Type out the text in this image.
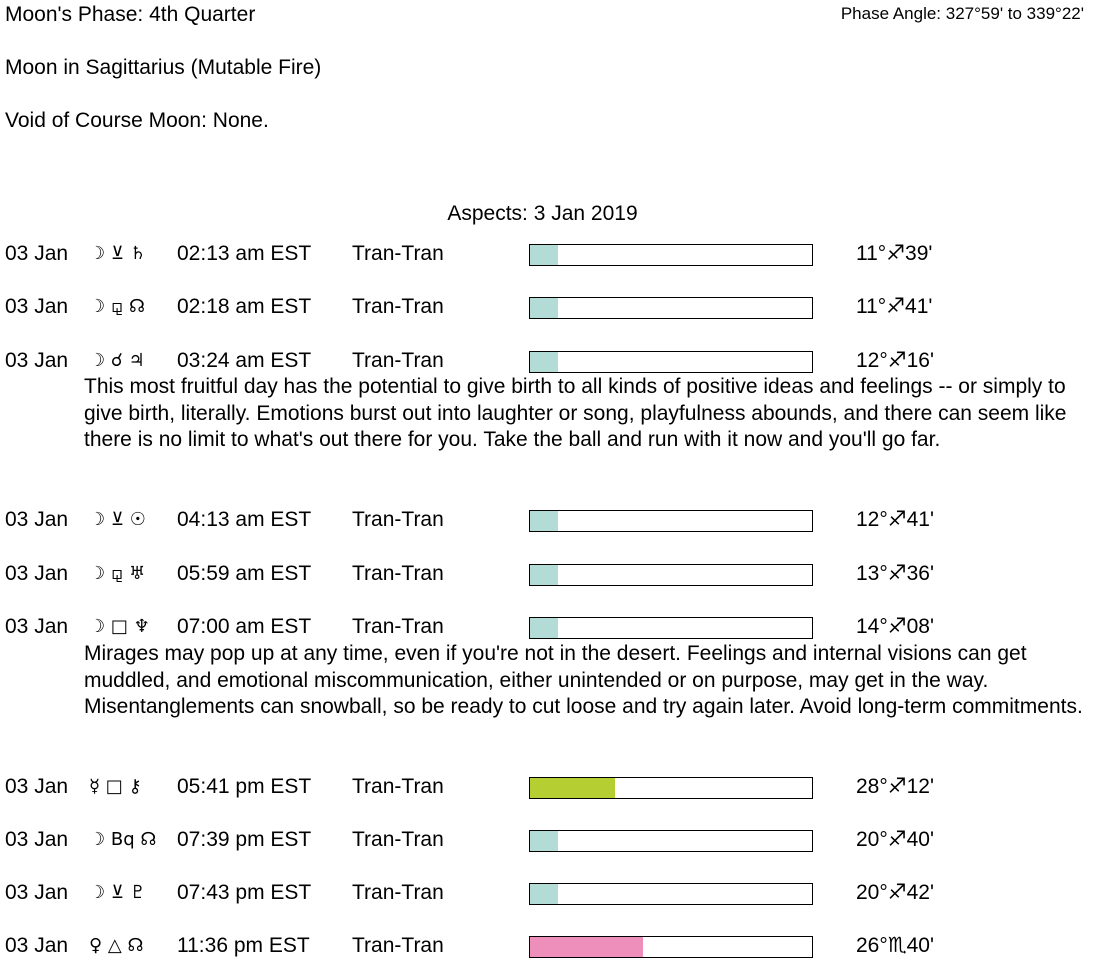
Moon's Phase: 4th Quarter	Phase Angle: 327°59' to 339°22'
Moon in Sagittarius (Mutable Fire)
Void of Course Moon: None.
Aspects: 3 Jan 2019
03 Jan ☽ ⊻ ♄ 02:13 am EST Tran-Tran	11°♐39'
03 Jan ☽ ⚼ ☊ 02:18 am EST Tran-Tran	11°♐41'
03 Jan ☽ ☌ ♃ 03:24 am EST Tran-Tran	12°♐16'
This most fruitful day has the potential to give birth to all kinds of positive ideas and feelings -- or simply to give birth, literally. Emotions burst out into laughter or song, playfulness abounds, and there can seem like there is no limit to what's out there for you. Take the ball and run with it now and you'll go far.
03 Jan ☽ ⊻ ☉ 04:13 am EST Tran-Tran	12°♐41'
03 Jan ☽ ⚼ ♅ 05:59 am EST Tran-Tran	13°♐36'
03 Jan ☽ □ ♆ 07:00 am EST Tran-Tran	14°♐08'
Mirages may pop up at any time, even if you're not in the desert. Feelings and internal visions can get muddled, and emotional miscommunication, either unintended or on purpose, may get in the way. Misentanglements can snowball, so be ready to cut loose and try again later. Avoid long-term commitments.
03 Jan ☿ □ ⚷ 05:41 pm EST Tran-Tran	28°♐12'
03 Jan ☽ Bq ☊ 07:39 pm EST Tran-Tran	20°♐40'
03 Jan ☽ ⊻ ♇ 07:43 pm EST Tran-Tran	20°♐42'
03 Jan ♀ △ ☊ 11:36 pm EST Tran-Tran	26°♏40'
